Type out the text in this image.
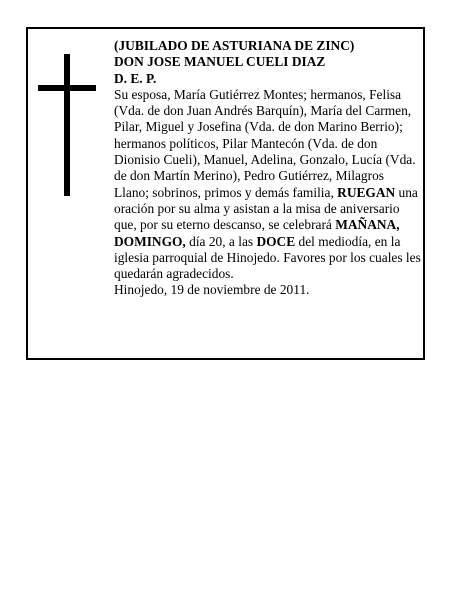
(JUBILADO DE ASTURIANA DE ZINC)

DON JOSE MANUEL CUELI DIAZ

D. E. P.

Su esposa, María Gutiérrez Montes; hermanos, Felisa (Vda. de don Juan Andrés Barquín), María del Carmen, Pilar, Miguel y Josefina (Vda. de don Marino Berrio); hermanos políticos, Pilar Mantecón (Vda. de don Dionisio Cueli), Manuel, Adelina, Gonzalo, Lucía (Vda. de don Martín Merino), Pedro Gutiérrez, Milagros Llano; sobrinos, primos y demás familia, RUEGAN una oración por su alma y asistan a la misa de aniversario que, por su eterno descanso, se celebrará MAÑANA, DOMINGO, día 20, a las DOCE del mediodía, en la iglesia parroquial de Hinojedo. Favores por los cuales les quedarán agradecidos.

Hinojedo, 19 de noviembre de 2011.
